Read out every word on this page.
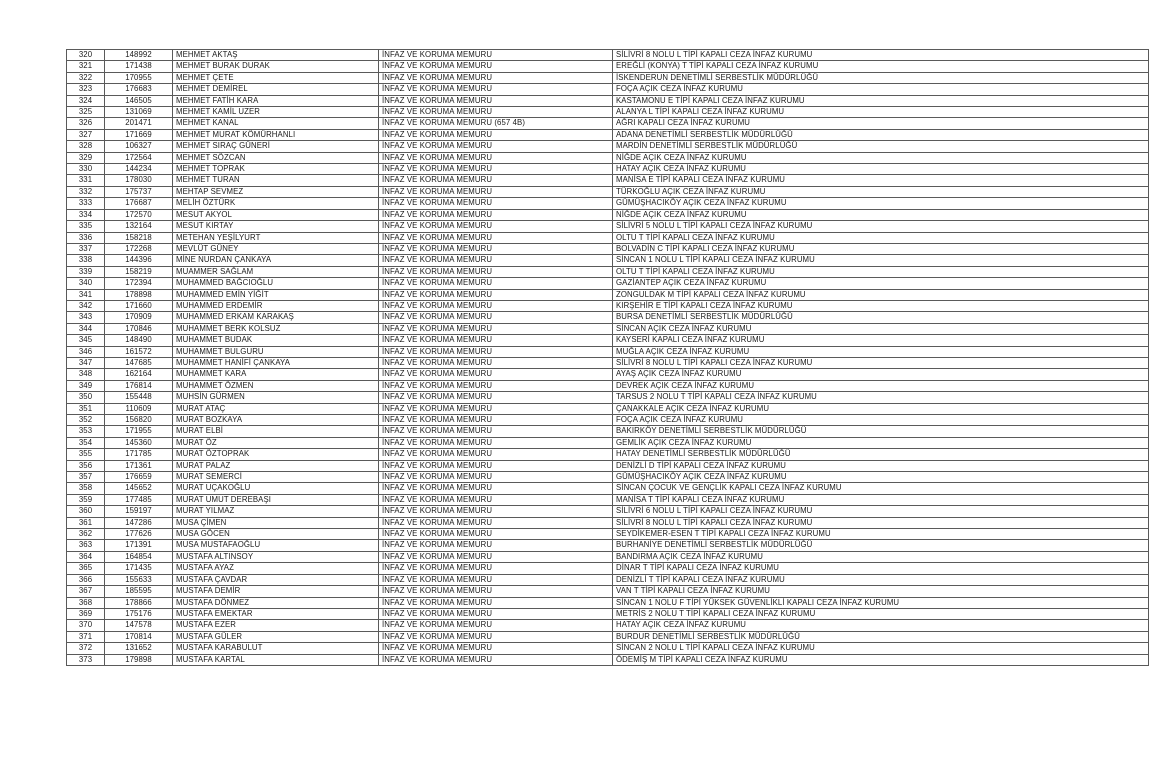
320	148992	MEHMET AKTAŞ	İNFAZ VE KORUMA MEMURU	SİLİVRİ 8 NOLU L TİPİ KAPALI CEZA İNFAZ KURUMU
321	171438	MEHMET BURAK DURAK	İNFAZ VE KORUMA MEMURU	EREĞLİ (KONYA) T TİPİ KAPALI CEZA İNFAZ KURUMU
322	170955	MEHMET ÇETE	İNFAZ VE KORUMA MEMURU	İSKENDERUN DENETİMLİ SERBESTLİK MÜDÜRLÜĞÜ
323	176683	MEHMET DEMİREL	İNFAZ VE KORUMA MEMURU	FOÇA AÇIK CEZA İNFAZ KURUMU
324	146505	MEHMET FATİH KARA	İNFAZ VE KORUMA MEMURU	KASTAMONU E TİPİ KAPALI CEZA İNFAZ KURUMU
325	131069	MEHMET KAMİL UZER	İNFAZ VE KORUMA MEMURU	ALANYA L TİPİ KAPALI CEZA İNFAZ KURUMU
326	201471	MEHMET KANAL	İNFAZ VE KORUMA MEMURU (657 4B)	AĞRI KAPALI CEZA İNFAZ KURUMU
327	171669	MEHMET MURAT KÖMÜRHANLI	İNFAZ VE KORUMA MEMURU	ADANA DENETİMLİ SERBESTLİK MÜDÜRLÜĞÜ
328	106327	MEHMET SIRAÇ GÜNERİ	İNFAZ VE KORUMA MEMURU	MARDİN DENETİMLİ SERBESTLİK MÜDÜRLÜĞÜ
329	172564	MEHMET SÖZCAN	İNFAZ VE KORUMA MEMURU	NİĞDE AÇIK CEZA İNFAZ KURUMU
330	144234	MEHMET TOPRAK	İNFAZ VE KORUMA MEMURU	HATAY AÇIK CEZA İNFAZ KURUMU
331	178030	MEHMET TURAN	İNFAZ VE KORUMA MEMURU	MANİSA E TİPİ KAPALI CEZA İNFAZ KURUMU
332	175737	MEHTAP SEVMEZ	İNFAZ VE KORUMA MEMURU	TÜRKOĞLU AÇIK CEZA İNFAZ KURUMU
333	176687	MELİH ÖZTÜRK	İNFAZ VE KORUMA MEMURU	GÜMÜŞHACIKÖY AÇIK CEZA İNFAZ KURUMU
334	172570	MESUT AKYOL	İNFAZ VE KORUMA MEMURU	NİĞDE AÇIK CEZA İNFAZ KURUMU
335	132164	MESUT KIRTAY	İNFAZ VE KORUMA MEMURU	SİLİVRİ 5 NOLU L TİPİ KAPALI CEZA İNFAZ KURUMU
336	158218	METEHAN YEŞİLYURT	İNFAZ VE KORUMA MEMURU	OLTU T TİPİ KAPALI CEZA İNFAZ KURUMU
337	172268	MEVLÜT GÜNEY	İNFAZ VE KORUMA MEMURU	BOLVADİN C TİPİ KAPALI CEZA İNFAZ KURUMU
338	144396	MİNE NURDAN ÇANKAYA	İNFAZ VE KORUMA MEMURU	SİNCAN 1 NOLU L TİPİ KAPALI CEZA İNFAZ KURUMU
339	158219	MUAMMER SAĞLAM	İNFAZ VE KORUMA MEMURU	OLTU T TİPİ KAPALI CEZA İNFAZ KURUMU
340	172394	MUHAMMED BAĞCIOĞLU	İNFAZ VE KORUMA MEMURU	GAZİANTEP AÇIK CEZA İNFAZ KURUMU
341	178898	MUHAMMED EMİN YİĞİT	İNFAZ VE KORUMA MEMURU	ZONGULDAK M TİPİ KAPALI CEZA İNFAZ KURUMU
342	171660	MUHAMMED ERDEMİR	İNFAZ VE KORUMA MEMURU	KIRŞEHİR E TİPİ KAPALI CEZA İNFAZ KURUMU
343	170909	MUHAMMED ERKAM KARAKAŞ	İNFAZ VE KORUMA MEMURU	BURSA DENETİMLİ SERBESTLİK MÜDÜRLÜĞÜ
344	170846	MUHAMMET BERK KOLSUZ	İNFAZ VE KORUMA MEMURU	SİNCAN AÇIK CEZA İNFAZ KURUMU
345	148490	MUHAMMET BUDAK	İNFAZ VE KORUMA MEMURU	KAYSERİ KAPALI CEZA İNFAZ KURUMU
346	161572	MUHAMMET BULGURU	İNFAZ VE KORUMA MEMURU	MUĞLA AÇIK CEZA İNFAZ KURUMU
347	147685	MUHAMMET HANİFİ ÇANKAYA	İNFAZ VE KORUMA MEMURU	SİLİVRİ 8 NOLU L TİPİ KAPALI CEZA İNFAZ KURUMU
348	162164	MUHAMMET KARA	İNFAZ VE KORUMA MEMURU	AYAŞ AÇIK CEZA İNFAZ KURUMU
349	176814	MUHAMMET ÖZMEN	İNFAZ VE KORUMA MEMURU	DEVREK AÇIK CEZA İNFAZ KURUMU
350	155448	MUHSİN GÜRMEN	İNFAZ VE KORUMA MEMURU	TARSUS 2 NOLU T TİPİ KAPALI CEZA İNFAZ KURUMU
351	110609	MURAT ATAÇ	İNFAZ VE KORUMA MEMURU	ÇANAKKALE AÇIK CEZA İNFAZ KURUMU
352	156820	MURAT BOZKAYA	İNFAZ VE KORUMA MEMURU	FOÇA AÇIK CEZA İNFAZ KURUMU
353	171955	MURAT ELBİ	İNFAZ VE KORUMA MEMURU	BAKIRKÖY DENETİMLİ SERBESTLİK MÜDÜRLÜĞÜ
354	145360	MURAT ÖZ	İNFAZ VE KORUMA MEMURU	GEMLİK AÇIK CEZA İNFAZ KURUMU
355	171785	MURAT ÖZTOPRAK	İNFAZ VE KORUMA MEMURU	HATAY DENETİMLİ SERBESTLİK MÜDÜRLÜĞÜ
356	171361	MURAT PALAZ	İNFAZ VE KORUMA MEMURU	DENİZLİ D TİPİ KAPALI CEZA İNFAZ KURUMU
357	176659	MURAT SEMERCİ	İNFAZ VE KORUMA MEMURU	GÜMÜŞHACIKÖY AÇIK CEZA İNFAZ KURUMU
358	145652	MURAT UÇAKOĞLU	İNFAZ VE KORUMA MEMURU	SİNCAN ÇOCUK VE GENÇLİK KAPALI CEZA İNFAZ KURUMU
359	177485	MURAT UMUT DEREBAŞI	İNFAZ VE KORUMA MEMURU	MANİSA T TİPİ KAPALI CEZA İNFAZ KURUMU
360	159197	MURAT YILMAZ	İNFAZ VE KORUMA MEMURU	SİLİVRİ 6 NOLU L TİPİ KAPALI CEZA İNFAZ KURUMU
361	147286	MUSA ÇİMEN	İNFAZ VE KORUMA MEMURU	SİLİVRİ 8 NOLU L TİPİ KAPALI CEZA İNFAZ KURUMU
362	177626	MUSA GÖCEN	İNFAZ VE KORUMA MEMURU	SEYDİKEMER-ESEN T TİPİ KAPALI CEZA İNFAZ KURUMU
363	171391	MUSA MUSTAFAOĞLU	İNFAZ VE KORUMA MEMURU	BURHANİYE DENETİMLİ SERBESTLİK MÜDÜRLÜĞÜ
364	164854	MUSTAFA ALTINSOY	İNFAZ VE KORUMA MEMURU	BANDIRMA AÇIK CEZA İNFAZ KURUMU
365	171435	MUSTAFA AYAZ	İNFAZ VE KORUMA MEMURU	DİNAR T TİPİ KAPALI CEZA İNFAZ KURUMU
366	155633	MUSTAFA ÇAVDAR	İNFAZ VE KORUMA MEMURU	DENİZLİ T TİPİ KAPALI CEZA İNFAZ KURUMU
367	185595	MUSTAFA DEMİR	İNFAZ VE KORUMA MEMURU	VAN T TİPİ KAPALI CEZA İNFAZ KURUMU
368	178866	MUSTAFA DÖNMEZ	İNFAZ VE KORUMA MEMURU	SİNCAN 1 NOLU F TİPİ YÜKSEK GÜVENLİKLİ KAPALI CEZA İNFAZ KURUMU
369	175176	MUSTAFA EMEKTAR	İNFAZ VE KORUMA MEMURU	METRİS 2 NOLU T TİPİ KAPALI CEZA İNFAZ KURUMU
370	147578	MUSTAFA EZER	İNFAZ VE KORUMA MEMURU	HATAY AÇIK CEZA İNFAZ KURUMU
371	170814	MUSTAFA GÜLER	İNFAZ VE KORUMA MEMURU	BURDUR DENETİMLİ SERBESTLİK MÜDÜRLÜĞÜ
372	131652	MUSTAFA KARABULUT	İNFAZ VE KORUMA MEMURU	SİNCAN 2 NOLU L TİPİ KAPALI CEZA İNFAZ KURUMU
373	179898	MUSTAFA KARTAL	İNFAZ VE KORUMA MEMURU	ÖDEMİŞ M TİPİ KAPALI CEZA İNFAZ KURUMU
